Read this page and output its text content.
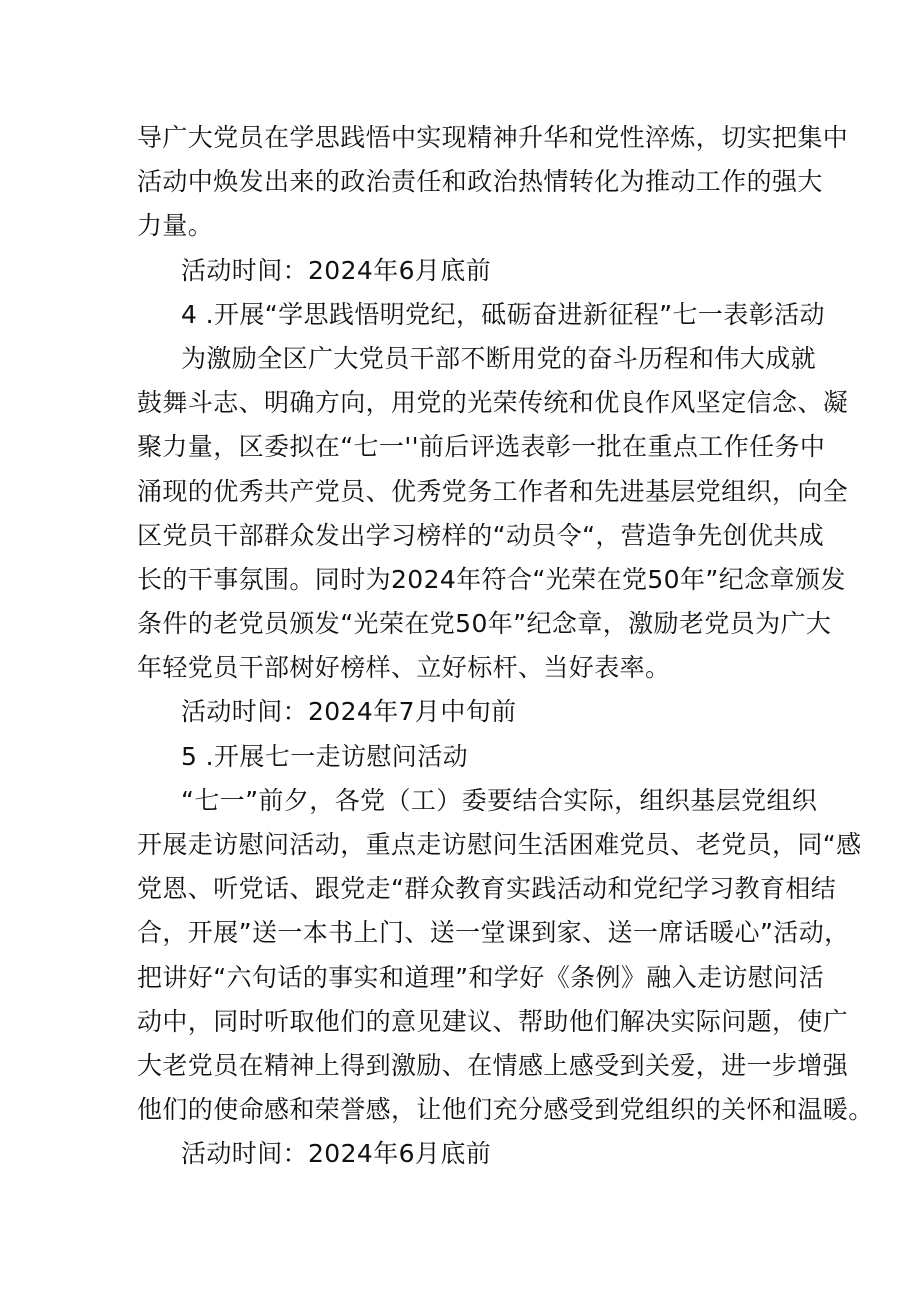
导广大党员在学思践悟中实现精神升华和党性淬炼，切实把集中
活动中焕发出来的政治责任和政治热情转化为推动工作的强大
力量。
活动时间：2024年6月底前
4 .开展“学思践悟明党纪，砥砺奋进新征程”七一表彰活动
为激励全区广大党员干部不断用党的奋斗历程和伟大成就
鼓舞斗志、明确方向，用党的光荣传统和优良作风坚定信念、凝
聚力量，区委拟在“七一''前后评选表彰一批在重点工作任务中
涌现的优秀共产党员、优秀党务工作者和先进基层党组织，向全
区党员干部群众发出学习榜样的“动员令“，营造争先创优共成
长的干事氛围。同时为2024年符合“光荣在党50年”纪念章颁发
条件的老党员颁发“光荣在党50年”纪念章，激励老党员为广大
年轻党员干部树好榜样、立好标杆、当好表率。
活动时间：2024年7月中旬前
5 .开展七一走访慰问活动
“七一”前夕，各党（工）委要结合实际，组织基层党组织
开展走访慰问活动，重点走访慰问生活困难党员、老党员，同“感
党恩、听党话、跟党走“群众教育实践活动和党纪学习教育相结
合，开展”送一本书上门、送一堂课到家、送一席话暖心”活动，
把讲好“六句话的事实和道理”和学好《条例》融入走访慰问活
动中，同时听取他们的意见建议、帮助他们解决实际问题，使广
大老党员在精神上得到激励、在情感上感受到关爱，进一步增强
他们的使命感和荣誉感，让他们充分感受到党组织的关怀和温暖。
活动时间：2024年6月底前
